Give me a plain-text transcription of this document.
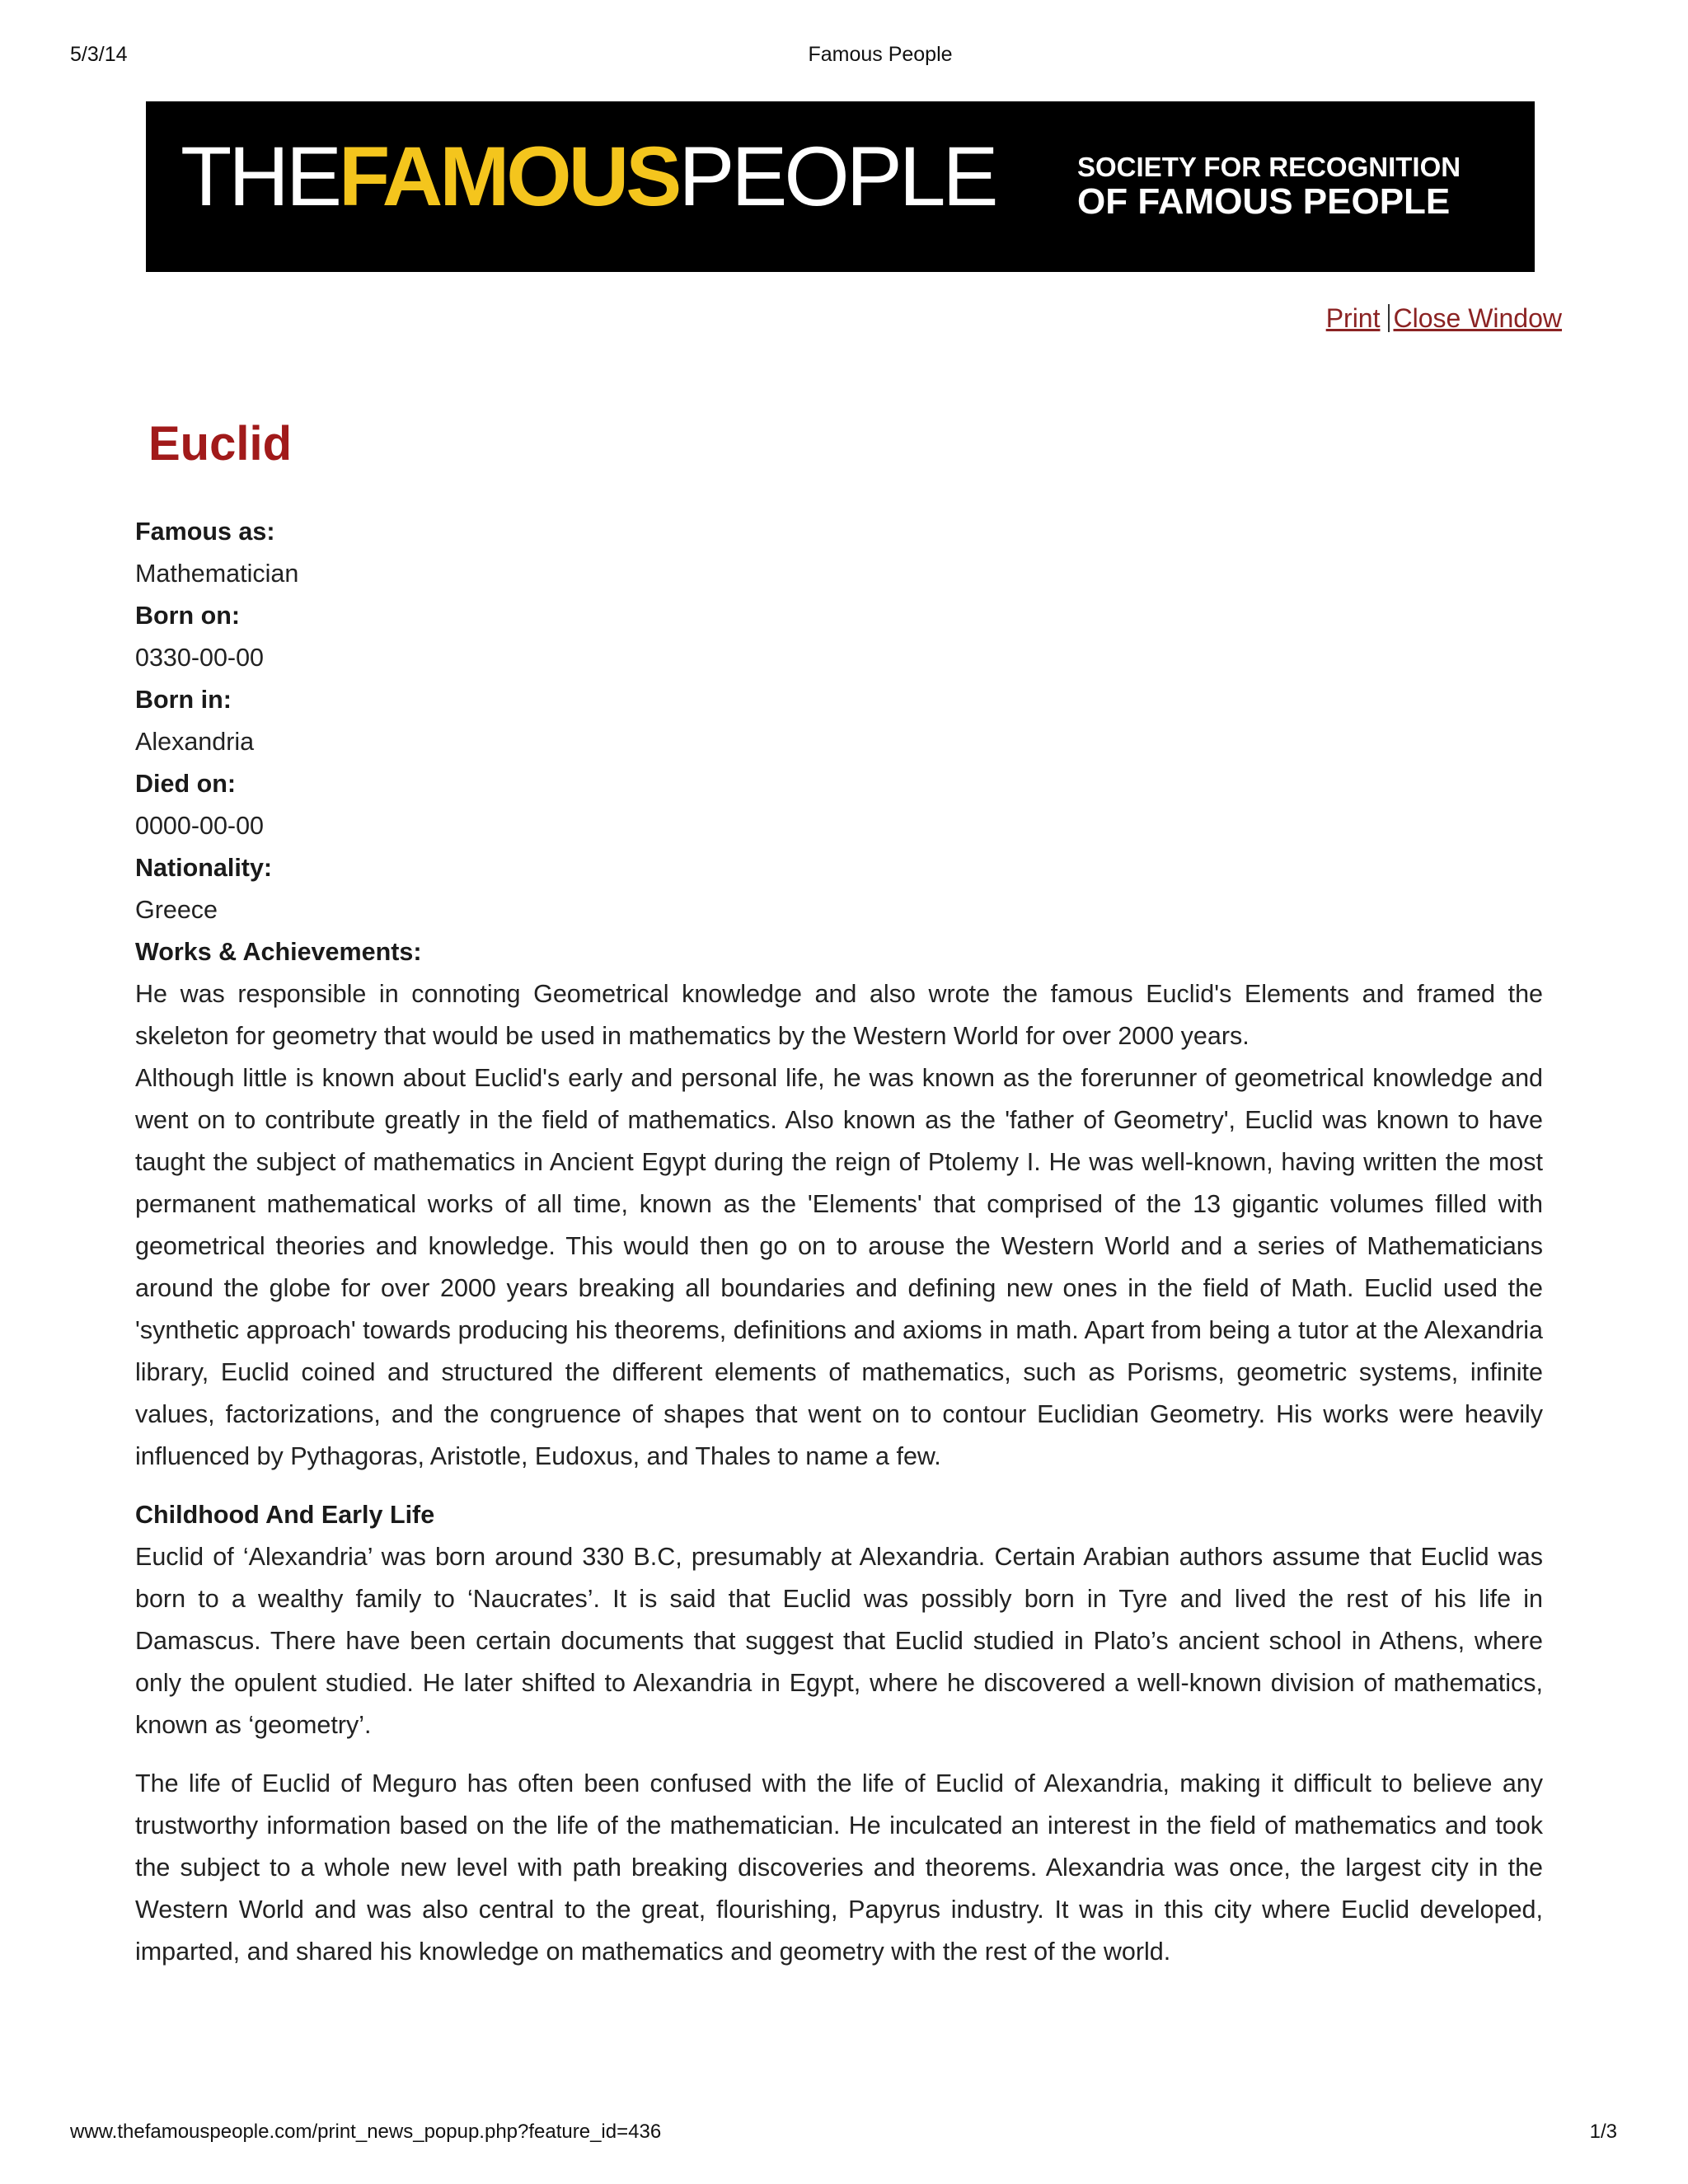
5/3/14	Famous People
THEFAMOUSPEOPLE	SOCIETY FOR RECOGNITION
OF FAMOUS PEOPLE
Print Close Window
Euclid
Famous as:
Mathematician
Born on:
0330-00-00
Born in:
Alexandria
Died on:
0000-00-00
Nationality:
Greece
Works & Achievements:

He was responsible in connoting Geometrical knowledge and also wrote the famous Euclid's Elements and framed the skeleton for geometry that would be used in mathematics by the Western World for over 2000 years.

Although little is known about Euclid's early and personal life, he was known as the forerunner of geometrical knowledge and went on to contribute greatly in the field of mathematics. Also known as the 'father of Geometry', Euclid was known to have taught the subject of mathematics in Ancient Egypt during the reign of Ptolemy I. He was well-known, having written the most permanent mathematical works of all time, known as the 'Elements' that comprised of the 13 gigantic volumes filled with geometrical theories and knowledge. This would then go on to arouse the Western World and a series of Mathematicians around the globe for over 2000 years breaking all boundaries and defining new ones in the field of Math. Euclid used the 'synthetic approach' towards producing his theorems, definitions and axioms in math. Apart from being a tutor at the Alexandria library, Euclid coined and structured the different elements of mathematics, such as Porisms, geometric systems, infinite values, factorizations, and the congruence of shapes that went on to contour Euclidian Geometry. His works were heavily influenced by Pythagoras, Aristotle, Eudoxus, and Thales to name a few.

Childhood And Early Life

Euclid of ‘Alexandria’ was born around 330 B.C, presumably at Alexandria. Certain Arabian authors assume that Euclid was born to a wealthy family to ‘Naucrates’. It is said that Euclid was possibly born in Tyre and lived the rest of his life in Damascus. There have been certain documents that suggest that Euclid studied in Plato’s ancient school in Athens, where only the opulent studied. He later shifted to Alexandria in Egypt, where he discovered a well-known division of mathematics, known as ‘geometry’.

The life of Euclid of Meguro has often been confused with the life of Euclid of Alexandria, making it difficult to believe any trustworthy information based on the life of the mathematician. He inculcated an interest in the field of mathematics and took the subject to a whole new level with path breaking discoveries and theorems. Alexandria was once, the largest city in the Western World and was also central to the great, flourishing, Papyrus industry. It was in this city where Euclid developed, imparted, and shared his knowledge on mathematics and geometry with the rest of the world.

www.thefamouspeople.com/print_news_popup.php?feature_id=436	1/3
